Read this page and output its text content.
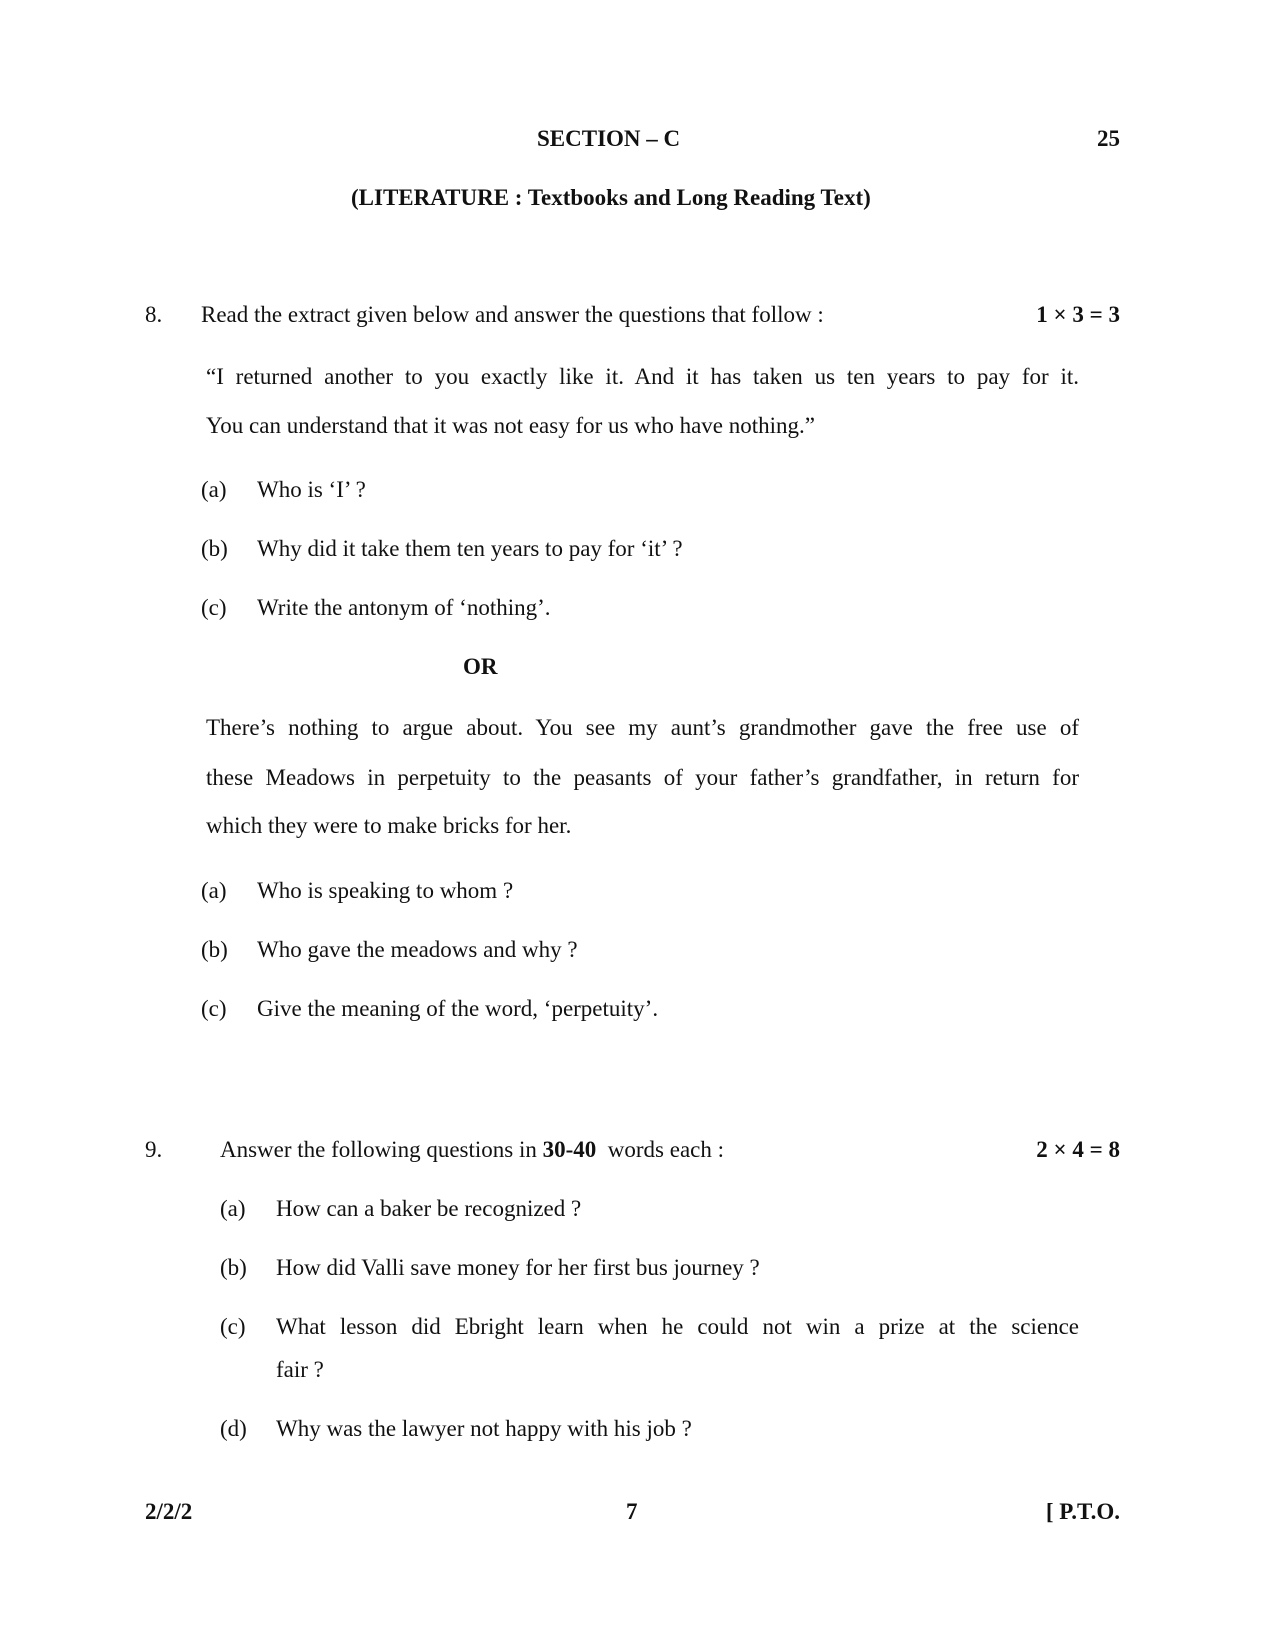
SECTION – C	25
(LITERATURE : Textbooks and Long Reading Text)
8. Read the extract given below and answer the questions that follow :	1 × 3 = 3
“I returned another to you exactly like it. And it has taken us ten years to pay for it.
You can understand that it was not easy for us who have nothing.”
(a) Who is ‘I’ ?
(b) Why did it take them ten years to pay for ‘it’ ?
(c) Write the antonym of ‘nothing’.
OR
There’s nothing to argue about. You see my aunt’s grandmother gave the free use of
these Meadows in perpetuity to the peasants of your father’s grandfather, in return for
which they were to make bricks for her.
(a) Who is speaking to whom ?
(b) Who gave the meadows and why ?
(c) Give the meaning of the word, ‘perpetuity’.
9.	Answer the following questions in 30-40  words each :	2 × 4 = 8
(a) How can a baker be recognized ?
(b) How did Valli save money for her first bus journey ?
(c) What lesson did Ebright learn when he could not win a prize at the science
fair ?
(d) Why was the lawyer not happy with his job ?
2/2/2	7	[ P.T.O.
